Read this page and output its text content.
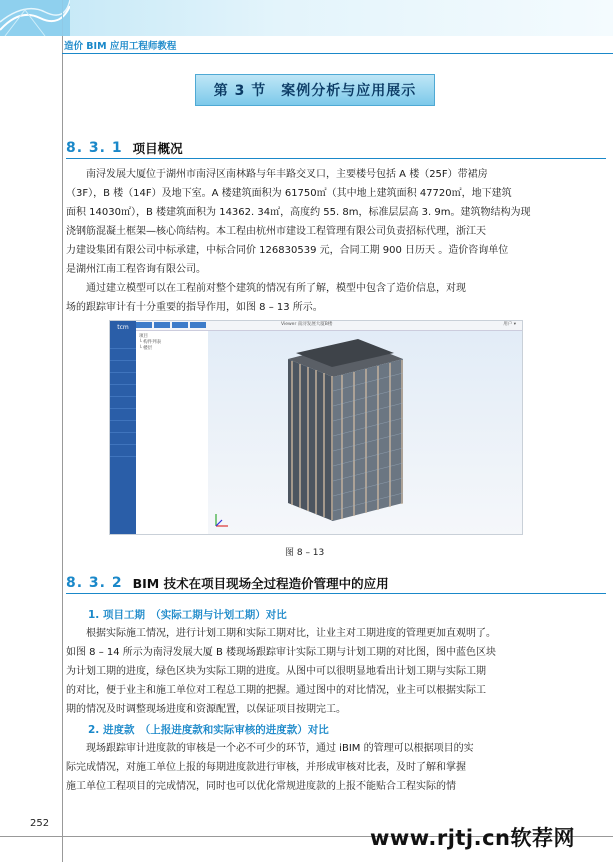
造价 BIM 应用工程师教程
第 3 节　案例分析与应用展示
8. 3. 1 项目概况

南浔发展大厦位于湖州市南浔区南林路与年丰路交叉口，主要楼号包括 A 楼（25F）带裙房

（3F），B 楼（14F）及地下室。A 楼建筑面积为 61750㎡（其中地上建筑面积 47720㎡，地下建筑

面积 14030㎡），B 楼建筑面积为 14362. 34㎡，高度约 55. 8m，标准层层高 3. 9m。建筑物结构为现

浇钢筋混凝土框架—核心筒结构。本工程由杭州市建设工程管理有限公司负责招标代理，浙江天

力建设集团有限公司中标承建，中标合同价 126830539 元，合同工期 900 日历天 。造价咨询单位

是湖州江南工程咨询有限公司。

通过建立模型可以在工程前对整个建筑的情况有所了解，模型中包含了造价信息，对现

场的跟踪审计有十分重要的指导作用，如图 8 – 13 所示。

tcm	Viewer 南浔发展大厦B楼	用户 ▾
项目
└ 构件列表
└ 楼层
图 8 – 13
8. 3. 2 BIM 技术在项目现场全过程造价管理中的应用
1. 项目工期　（实际工期与计划工期）对比

根据实际施工情况，进行计划工期和实际工期对比，让业主对工期进度的管理更加直观明了。

如图 8 – 14 所示为南浔发展大厦 B 楼现场跟踪审计实际工期与计划工期的对比图，图中蓝色区块

为计划工期的进度，绿色区块为实际工期的进度。从图中可以很明显地看出计划工期与实际工期

的对比，便于业主和施工单位对工程总工期的把握。通过图中的对比情况，业主可以根据实际工

期的情况及时调整现场进度和资源配置，以保证项目按期完工。

2. 进度款　（上报进度款和实际审核的进度款）对比

现场跟踪审计进度款的审核是一个必不可少的环节，通过 iBIM 的管理可以根据项目的实

际完成情况，对施工单位上报的每期进度款进行审核，并形成审核对比表，及时了解和掌握

施工单位工程项目的完成情况，同时也可以优化常规进度款的上报不能贴合工程实际的情

252
www.rjtj.cn软荐网
